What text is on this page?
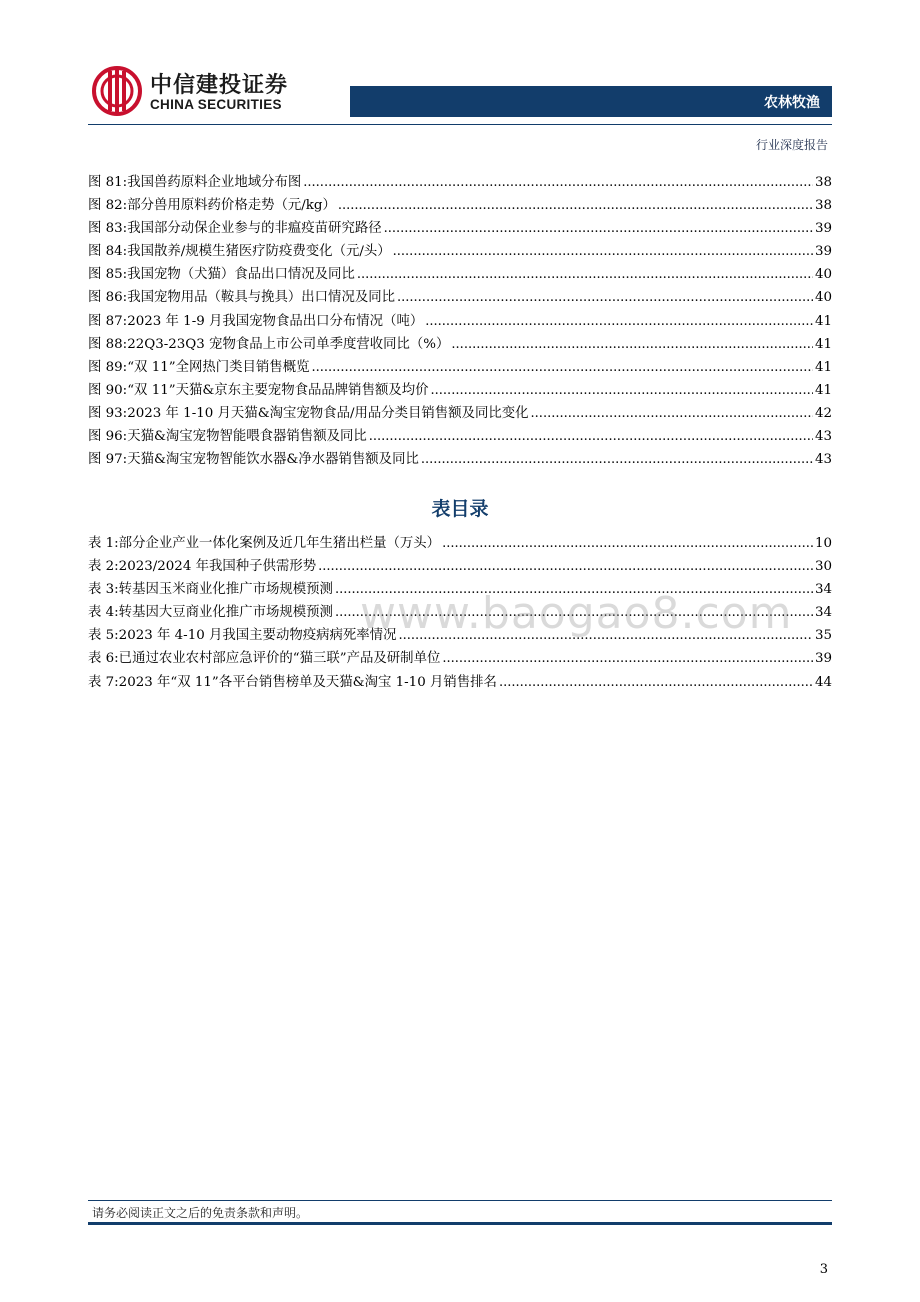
中信建投证券
CHINA SECURITIES	农林牧渔
行业深度报告
图 81:我国兽药原料企业地域分布图 .....	38
图 82:部分兽用原料药价格走势（元/kg） .....	38
图 83:我国部分动保企业参与的非瘟疫苗研究路径 .....	39
图 84:我国散养/规模生猪医疗防疫费变化（元/头） .....	39
图 85:我国宠物（犬猫）食品出口情况及同比 .....	40
图 86:我国宠物用品（鞍具与挽具）出口情况及同比 .....	40
图 87:2023 年 1-9 月我国宠物食品出口分布情况（吨） .....	41
图 88:22Q3-23Q3 宠物食品上市公司单季度营收同比（%） .....	41
图 89:“双 11”全网热门类目销售概览 .....	41
图 90:“双 11”天猫&京东主要宠物食品品牌销售额及均价 .....	41
图 93:2023 年 1-10 月天猫&淘宝宠物食品/用品分类目销售额及同比变化 .....	42
图 96:天猫&淘宝宠物智能喂食器销售额及同比 .....	43
图 97:天猫&淘宝宠物智能饮水器&净水器销售额及同比 .....	43
表目录
表 1:部分企业产业一体化案例及近几年生猪出栏量（万头） .....	10
表 2:2023/2024 年我国种子供需形势 .....	30
表 3:转基因玉米商业化推广市场规模预测 .....	34
表 4:转基因大豆商业化推广市场规模预测 .....	34
表 5:2023 年 4-10 月我国主要动物疫病病死率情况 .....	35
表 6:已通过农业农村部应急评价的“猫三联”产品及研制单位 .....	39
表 7:2023 年“双 11”各平台销售榜单及天猫&淘宝 1-10 月销售排名 .....	44
www.baogao8.com
请务必阅读正文之后的免责条款和声明。
3
